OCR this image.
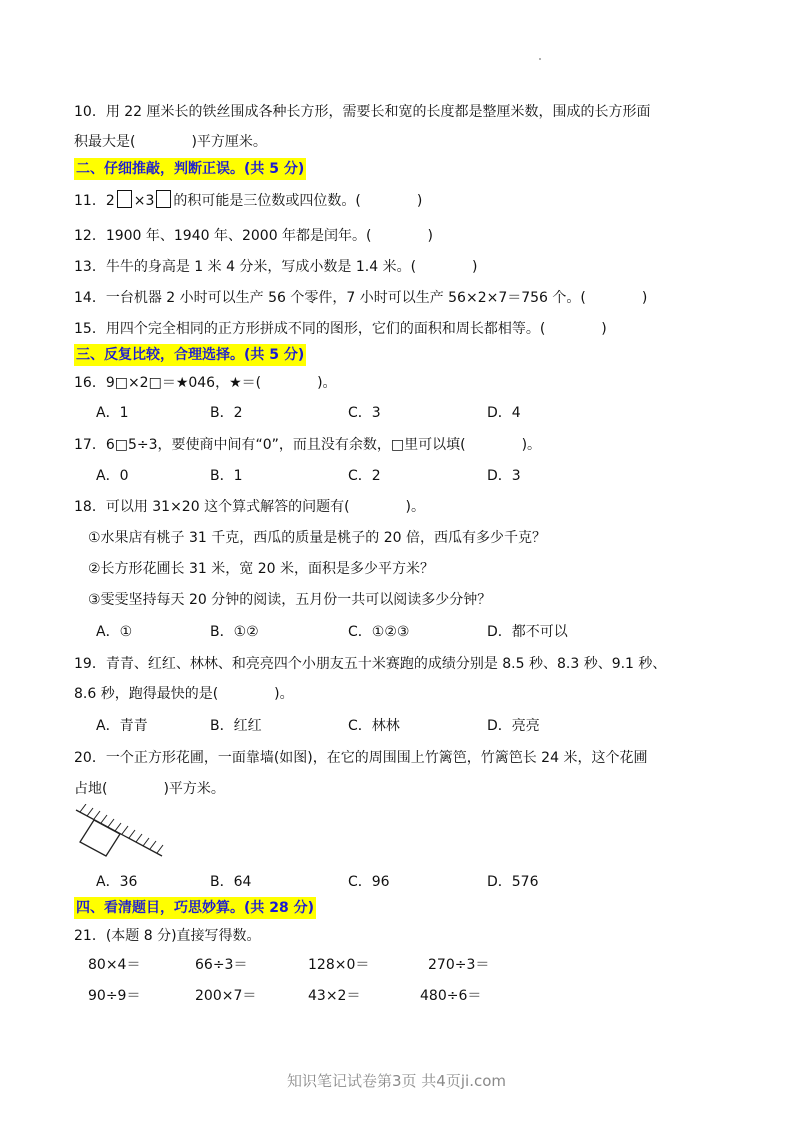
10．用 22 厘米长的铁丝围成各种长方形，需要长和宽的长度都是整厘米数，围成的长方形面
积最大是(　　　　)平方厘米。
二、仔细推敲，判断正误。(共 5 分)
11．2 ×3 的积可能是三位数或四位数。(　　　　)
12．1900 年、1940 年、2000 年都是闰年。(　　　　)
13．牛牛的身高是 1 米 4 分米，写成小数是 1.4 米。(　　　　)
14．一台机器 2 小时可以生产 56 个零件，7 小时可以生产 56×2×7＝756 个。(　　　　)
15．用四个完全相同的正方形拼成不同的图形，它们的面积和周长都相等。(　　　　)
三、反复比较，合理选择。(共 5 分)
16．9□×2□＝★046，★＝(　　　　)。
A．1	B．2	C．3	D．4
17．6□5÷3，要使商中间有“0”，而且没有余数，□里可以填(　　　　)。
A．0	B．1	C．2	D．3
18．可以用 31×20 这个算式解答的问题有(　　　　)。
①水果店有桃子 31 千克，西瓜的质量是桃子的 20 倍，西瓜有多少千克？
②长方形花圃长 31 米，宽 20 米，面积是多少平方米？
③雯雯坚持每天 20 分钟的阅读，五月份一共可以阅读多少分钟？
A．①	B．①②	C．①②③	D．都不可以
19．青青、红红、林林、和亮亮四个小朋友五十米赛跑的成绩分别是 8.5 秒、8.3 秒、9.1 秒、
8.6 秒，跑得最快的是(　　　　)。
A．青青	B．红红	C．林林	D．亮亮
20．一个正方形花圃，一面靠墙(如图)，在它的周围围上竹篱笆，竹篱笆长 24 米，这个花圃
占地(　　　　)平方米。
A．36	B．64	C．96	D．576
四、看清题目，巧思妙算。(共 28 分)
21．(本题 8 分)直接写得数。
80×4＝	66÷3＝	128×0＝	270÷3＝
90÷9＝	200×7＝	43×2＝	480÷6＝
知识笔记试卷第3页 共4页ji.com
